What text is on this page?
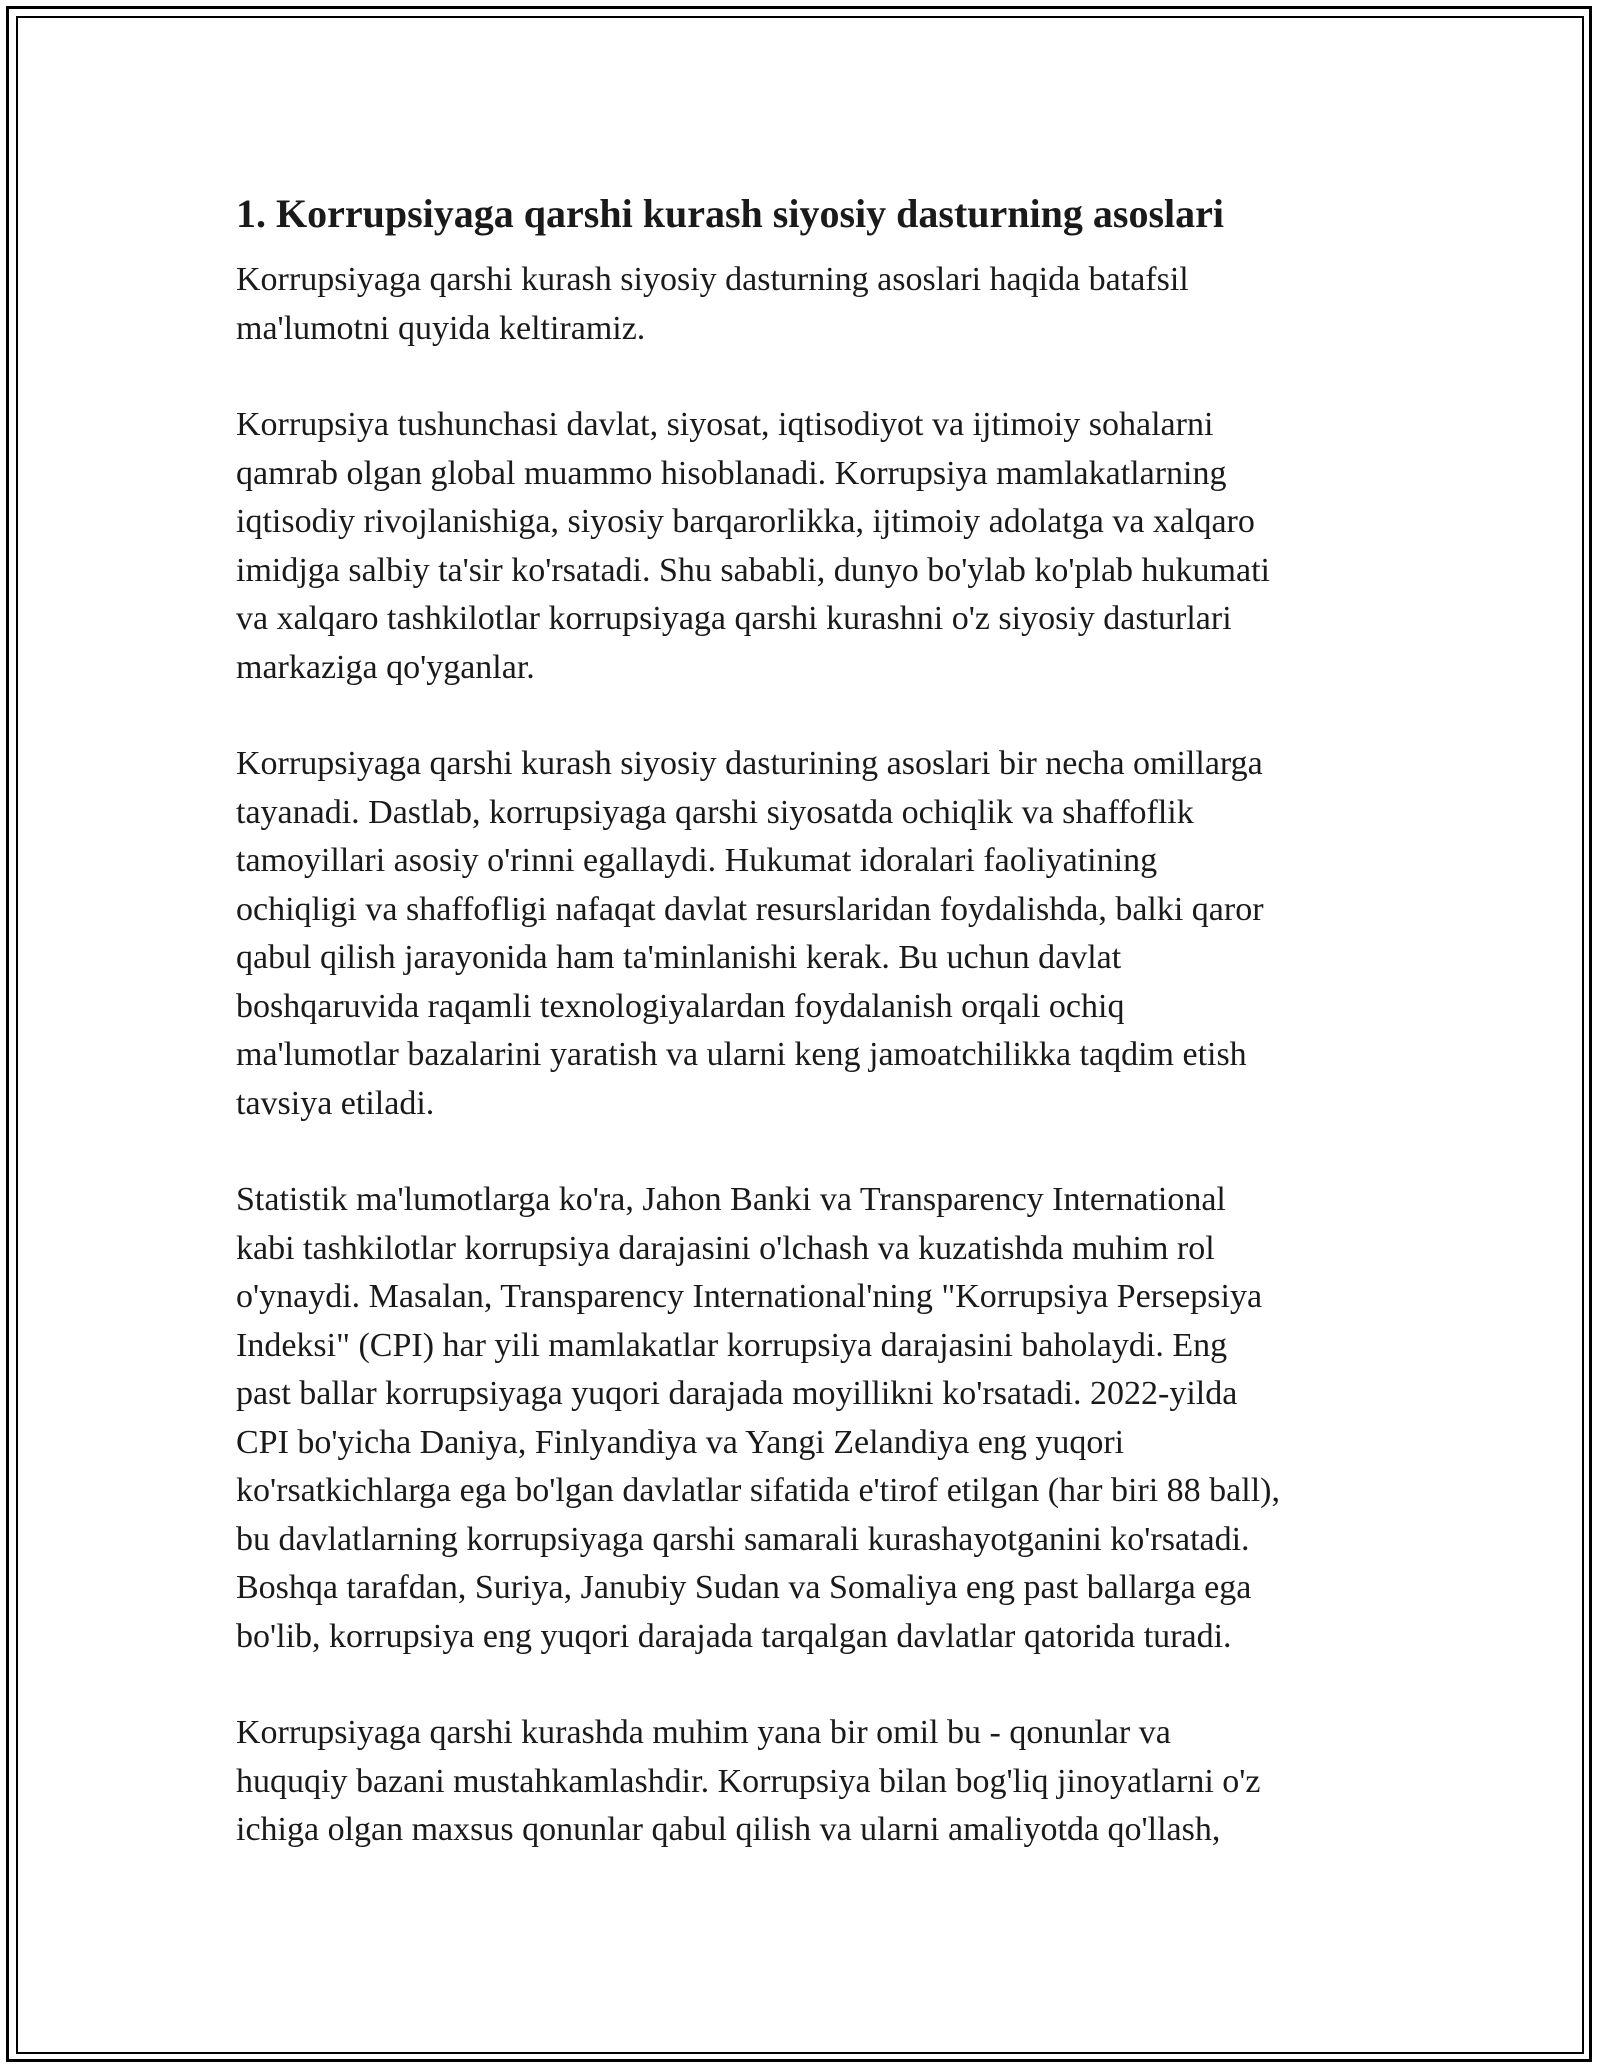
1. Korrupsiyaga qarshi kurash siyosiy dasturning asoslari

Korrupsiyaga qarshi kurash siyosiy dasturning asoslari haqida batafsil
ma'lumotni quyida keltiramiz.

Korrupsiya tushunchasi davlat, siyosat, iqtisodiyot va ijtimoiy sohalarni
qamrab olgan global muammo hisoblanadi. Korrupsiya mamlakatlarning
iqtisodiy rivojlanishiga, siyosiy barqarorlikka, ijtimoiy adolatga va xalqaro
imidjga salbiy ta'sir ko'rsatadi. Shu sababli, dunyo bo'ylab ko'plab hukumati
va xalqaro tashkilotlar korrupsiyaga qarshi kurashni o'z siyosiy dasturlari
markaziga qo'yganlar.

Korrupsiyaga qarshi kurash siyosiy dasturining asoslari bir necha omillarga
tayanadi. Dastlab, korrupsiyaga qarshi siyosatda ochiqlik va shaffoflik
tamoyillari asosiy o'rinni egallaydi. Hukumat idoralari faoliyatining
ochiqligi va shaffofligi nafaqat davlat resurslaridan foydalishda, balki qaror
qabul qilish jarayonida ham ta'minlanishi kerak. Bu uchun davlat
boshqaruvida raqamli texnologiyalardan foydalanish orqali ochiq
ma'lumotlar bazalarini yaratish va ularni keng jamoatchilikka taqdim etish
tavsiya etiladi.

Statistik ma'lumotlarga ko'ra, Jahon Banki va Transparency International
kabi tashkilotlar korrupsiya darajasini o'lchash va kuzatishda muhim rol
o'ynaydi. Masalan, Transparency International'ning "Korrupsiya Persepsiya
Indeksi" (CPI) har yili mamlakatlar korrupsiya darajasini baholaydi. Eng
past ballar korrupsiyaga yuqori darajada moyillikni ko'rsatadi. 2022-yilda
CPI bo'yicha Daniya, Finlyandiya va Yangi Zelandiya eng yuqori
ko'rsatkichlarga ega bo'lgan davlatlar sifatida e'tirof etilgan (har biri 88 ball),
bu davlatlarning korrupsiyaga qarshi samarali kurashayotganini ko'rsatadi.
Boshqa tarafdan, Suriya, Janubiy Sudan va Somaliya eng past ballarga ega
bo'lib, korrupsiya eng yuqori darajada tarqalgan davlatlar qatorida turadi.

Korrupsiyaga qarshi kurashda muhim yana bir omil bu - qonunlar va
huquqiy bazani mustahkamlashdir. Korrupsiya bilan bog'liq jinoyatlarni o'z
ichiga olgan maxsus qonunlar qabul qilish va ularni amaliyotda qo'llash,
